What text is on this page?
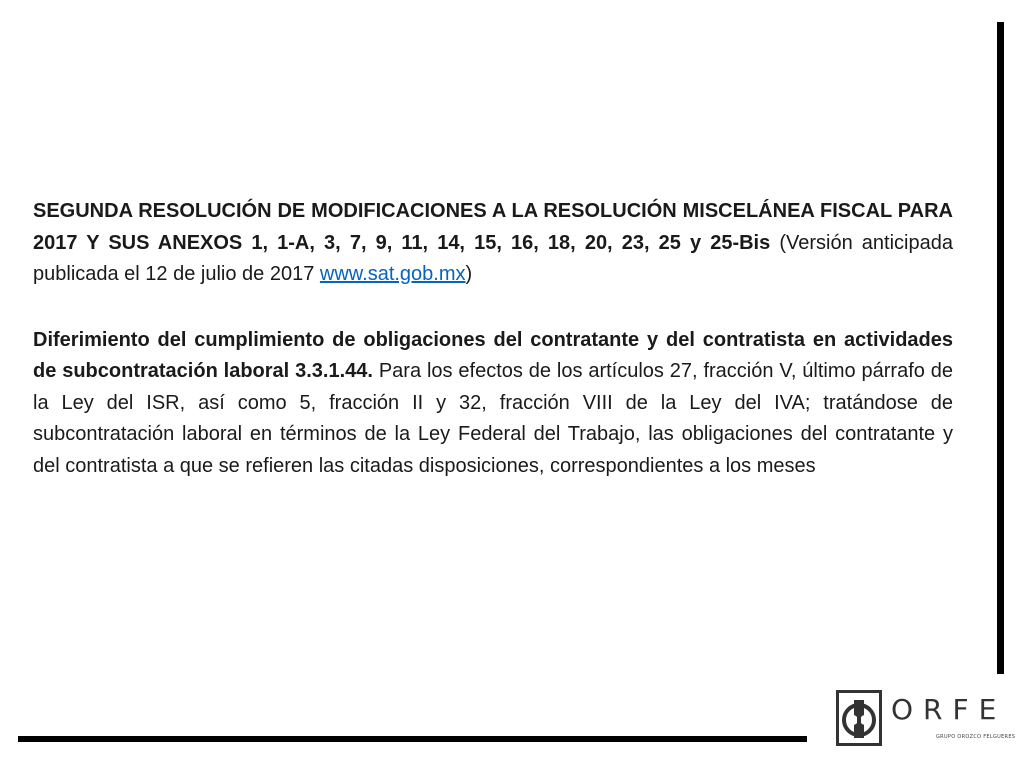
SEGUNDA RESOLUCIÓN DE MODIFICACIONES A LA RESOLUCIÓN MISCELÁNEA FISCAL PARA 2017 Y SUS ANEXOS 1, 1-A, 3, 7, 9, 11, 14, 15, 16, 18, 20, 23, 25 y 25-Bis (Versión anticipada publicada el 12 de julio de 2017 www.sat.gob.mx)

Diferimiento del cumplimiento de obligaciones del contratante y del contratista en actividades de subcontratación laboral 3.3.1.44. Para los efectos de los artículos 27, fracción V, último párrafo de la Ley del ISR, así como 5, fracción II y 32, fracción VIII de la Ley del IVA; tratándose de subcontratación laboral en términos de la Ley Federal del Trabajo, las obligaciones del contratante y del contratista a que se refieren las citadas disposiciones, correspondientes a los meses

ORFE
GRUPO OROZCO FELGUERES
